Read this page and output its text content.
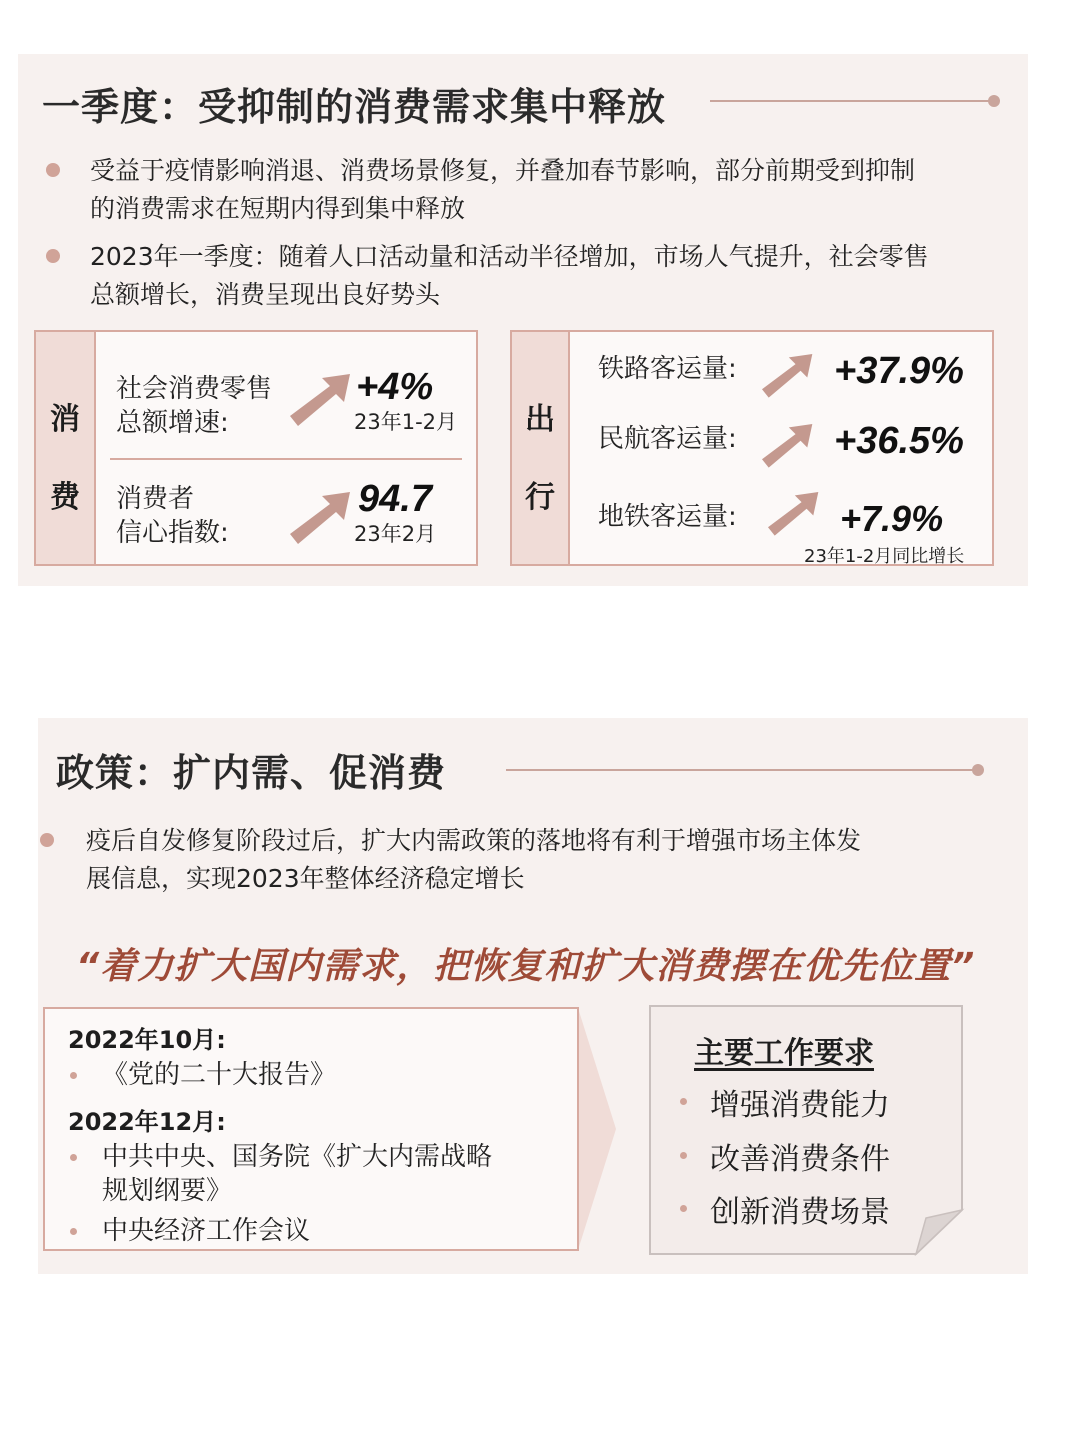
一季度：受抑制的消费需求集中释放
受益于疫情影响消退、消费场景修复，并叠加春节影响，部分前期受到抑制
的消费需求在短期内得到集中释放
2023年一季度：随着人口活动量和活动半径增加，市场人气提升，社会零售
总额增长，消费呈现出良好势头
消
费
社会消费零售
总额增速:
+4%
23年1-2月
消费者
信心指数:
94.7
23年2月
出
行
铁路客运量:	+37.9%
民航客运量:	+36.5%
地铁客运量:	+7.9%
23年1-2月同比增长
政策：扩内需、促消费
疫后自发修复阶段过后，扩大内需政策的落地将有利于增强市场主体发
展信息，实现2023年整体经济稳定增长
“着力扩大国内需求，把恢复和扩大消费摆在优先位置”
2022年10月:
《党的二十大报告》
2022年12月:
中共中央、国务院《扩大内需战略
规划纲要》
中央经济工作会议
主要工作要求
增强消费能力
改善消费条件
创新消费场景
